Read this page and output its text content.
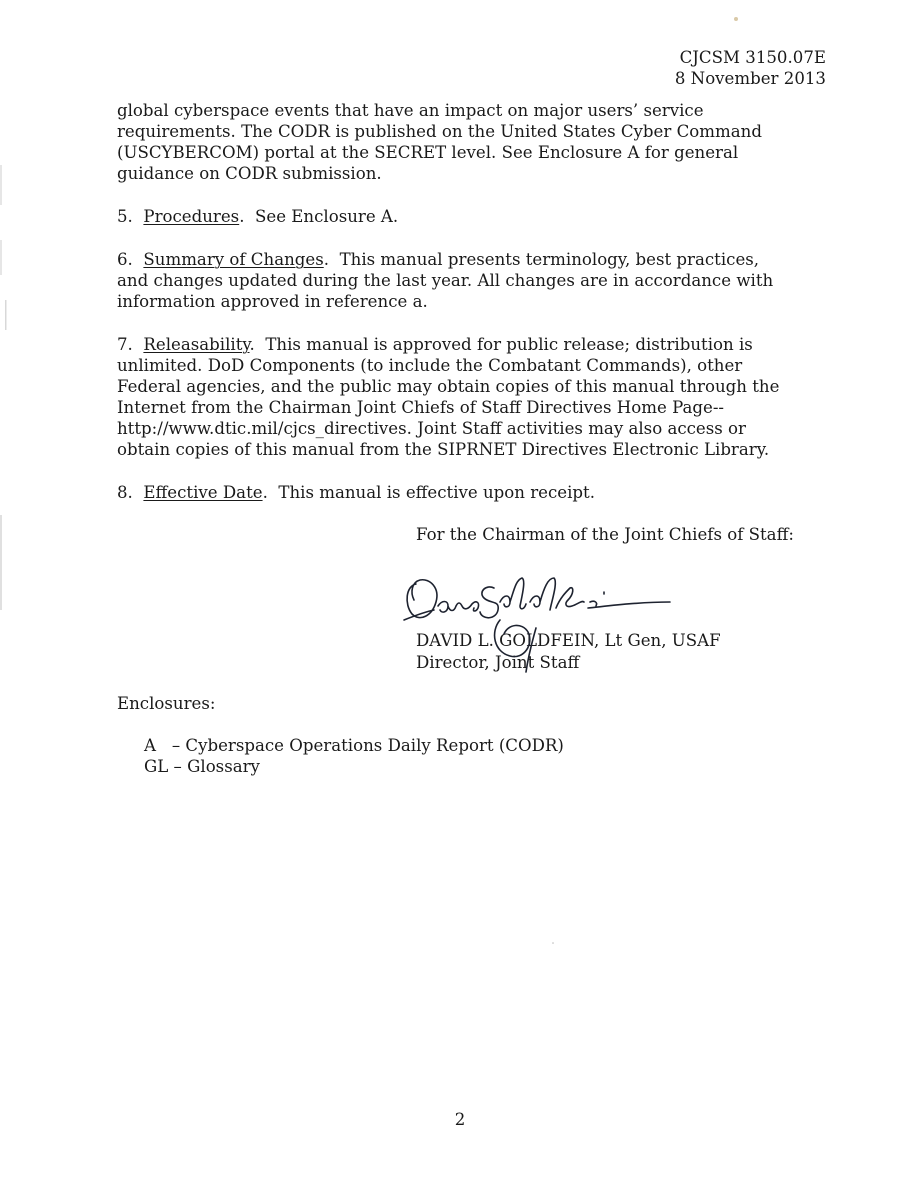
CJCSM 3150.07E
8 November 2013

global cyberspace events that have an impact on major users’ service

requirements. The CODR is published on the United States Cyber Command

(USCYBERCOM) portal at the SECRET level. See Enclosure A for general

guidance on CODR submission.

5. Procedures.  See Enclosure A.

6. Summary of Changes.  This manual presents terminology, best practices,

and changes updated during the last year. All changes are in accordance with

information approved in reference a.

7. Releasability.  This manual is approved for public release; distribution is

unlimited. DoD Components (to include the Combatant Commands), other

Federal agencies, and the public may obtain copies of this manual through the

Internet from the Chairman Joint Chiefs of Staff Directives Home Page--

http://www.dtic.mil/cjcs_directives. Joint Staff activities may also access or

obtain copies of this manual from the SIPRNET Directives Electronic Library.

8. Effective Date.  This manual is effective upon receipt.

For the Chairman of the Joint Chiefs of Staff:
DAVID L. GOLDFEIN, Lt Gen, USAF
Director, Joint Staff
Enclosures:
A   – Cyberspace Operations Daily Report (CODR)
GL – Glossary
2
